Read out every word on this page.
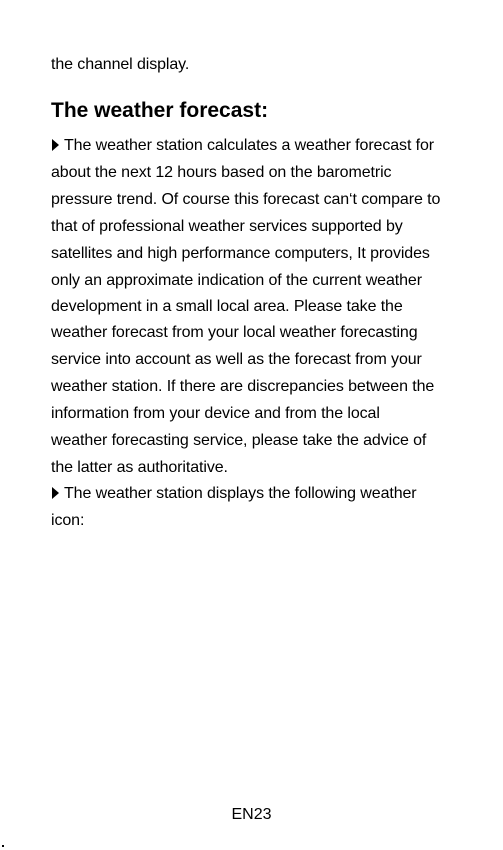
the channel display.
The weather forecast:
The weather station calculates a weather forecast for
about the next 12 hours based on the barometric
pressure trend. Of course this forecast can‘t compare to
that of professional weather services supported by
satellites and high performance computers, It provides
only an approximate indication of the current weather
development in a small local area. Please take the
weather forecast from your local weather forecasting
service into account as well as the forecast from your
weather station. If there are discrepancies between the
information from your device and from the local
weather forecasting service, please take the advice of
the latter as authoritative.
The weather station displays the following weather
icon:
EN23
